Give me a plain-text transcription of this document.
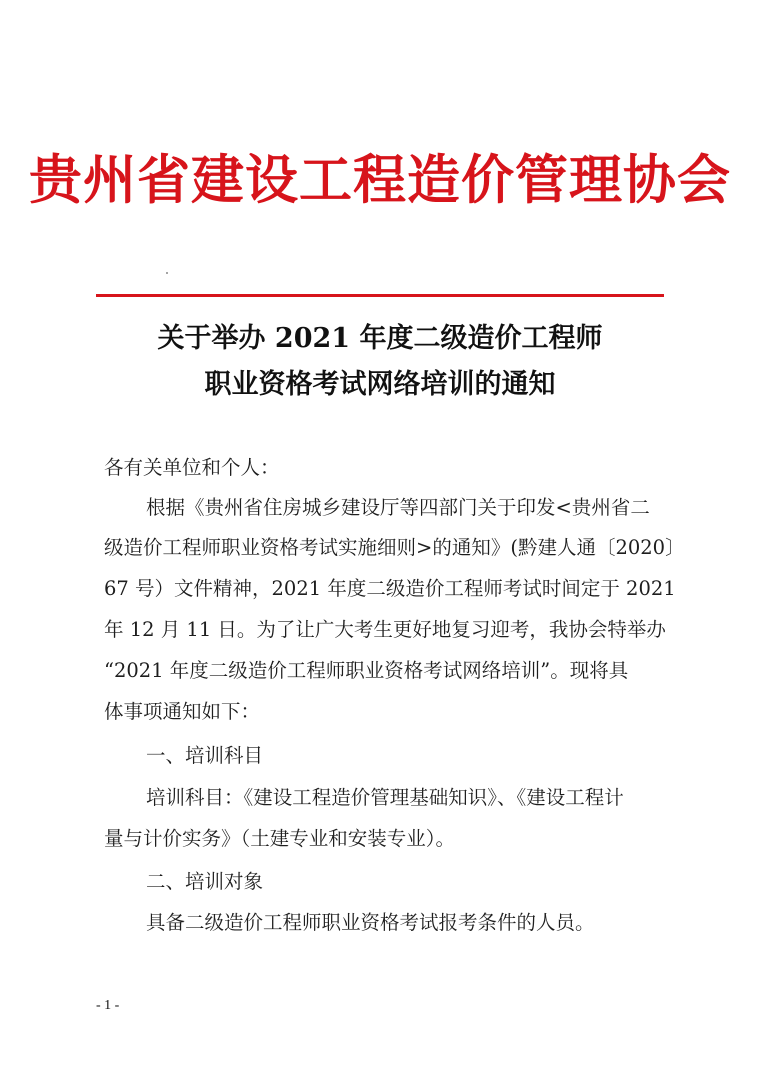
贵州省建设工程造价管理协会
关于举办 2021 年度二级造价工程师
职业资格考试网络培训的通知
各有关单位和个人：
根据《贵州省住房城乡建设厅等四部门关于印发<贵州省二
级造价工程师职业资格考试实施细则>的通知》(黔建人通〔2020〕
67 号）文件精神，2021 年度二级造价工程师考试时间定于 2021
年 12 月 11 日。为了让广大考生更好地复习迎考，我协会特举办
“2021 年度二级造价工程师职业资格考试网络培训”。现将具
体事项通知如下：
一、培训科目
培训科目：《建设工程造价管理基础知识》、《建设工程计
量与计价实务》（土建专业和安装专业）。
二、培训对象
具备二级造价工程师职业资格考试报考条件的人员。
- 1 -
